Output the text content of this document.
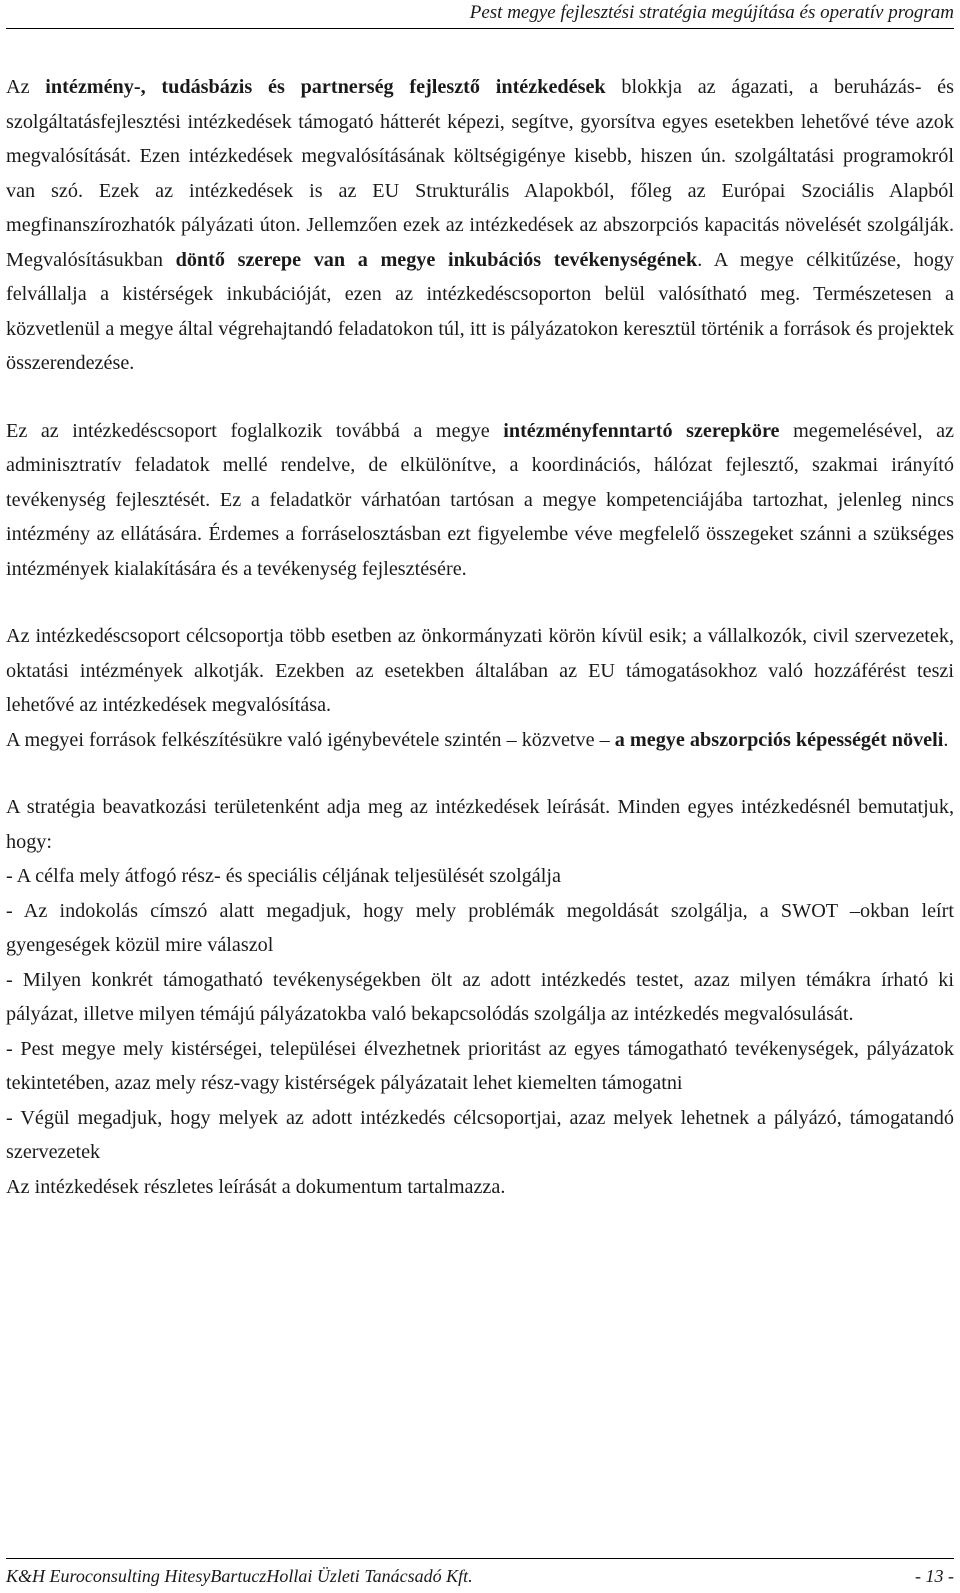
Pest megye fejlesztési stratégia megújítása és operatív program

Az intézmény-, tudásbázis és partnerség fejlesztő intézkedések blokkja az ágazati, a beruházás- és szolgáltatásfejlesztési intézkedések támogató hátterét képezi, segítve, gyorsítva egyes esetekben lehetővé téve azok megvalósítását. Ezen intézkedések megvalósításának költségigénye kisebb, hiszen ún. szolgáltatási programokról van szó. Ezek az intézkedések is az EU Strukturális Alapokból, főleg az Európai Szociális Alapból megfinanszírozhatók pályázati úton. Jellemzően ezek az intézkedések az abszorpciós kapacitás növelését szolgálják. Megvalósításukban döntő szerepe van a megye inkubációs tevékenységének. A megye célkitűzése, hogy felvállalja a kistérségek inkubációját, ezen az intézkedéscsoporton belül valósítható meg. Természetesen a közvetlenül a megye által végrehajtandó feladatokon túl, itt is pályázatokon keresztül történik a források és projektek összerendezése.

Ez az intézkedéscsoport foglalkozik továbbá a megye intézményfenntartó szerepköre megemelésével, az adminisztratív feladatok mellé rendelve, de elkülönítve, a koordinációs, hálózat fejlesztő, szakmai irányító tevékenység fejlesztését. Ez a feladatkör várhatóan tartósan a megye kompetenciájába tartozhat, jelenleg nincs intézmény az ellátására. Érdemes a forráselosztásban ezt figyelembe véve megfelelő összegeket szánni a szükséges intézmények kialakítására és a tevékenység fejlesztésére.

Az intézkedéscsoport célcsoportja több esetben az önkormányzati körön kívül esik; a vállalkozók, civil szervezetek, oktatási intézmények alkotják. Ezekben az esetekben általában az EU támogatásokhoz való hozzáférést teszi lehetővé az intézkedések megvalósítása.

A megyei források felkészítésükre való igénybevétele szintén – közvetve – a megye abszorpciós képességét növeli.

A stratégia beavatkozási területenként adja meg az intézkedések leírását. Minden egyes intézkedésnél bemutatjuk, hogy:

- A célfa mely átfogó rész- és speciális céljának teljesülését szolgálja

- Az indokolás címszó alatt megadjuk, hogy mely problémák megoldását szolgálja, a SWOT –okban leírt gyengeségek közül mire válaszol

- Milyen konkrét támogatható tevékenységekben ölt az adott intézkedés testet, azaz milyen témákra írható ki pályázat, illetve milyen témájú pályázatokba való bekapcsolódás szolgálja az intézkedés megvalósulását.

- Pest megye mely kistérségei, települései élvezhetnek prioritást az egyes támogatható tevékenységek, pályázatok tekintetében, azaz mely rész-vagy kistérségek pályázatait lehet kiemelten támogatni

- Végül megadjuk, hogy melyek az adott intézkedés célcsoportjai, azaz melyek lehetnek a pályázó, támogatandó szervezetek

Az intézkedések részletes leírását a dokumentum tartalmazza.

K&H Euroconsulting HitesyBartuczHollai Üzleti Tanácsadó Kft.	- 13 -
